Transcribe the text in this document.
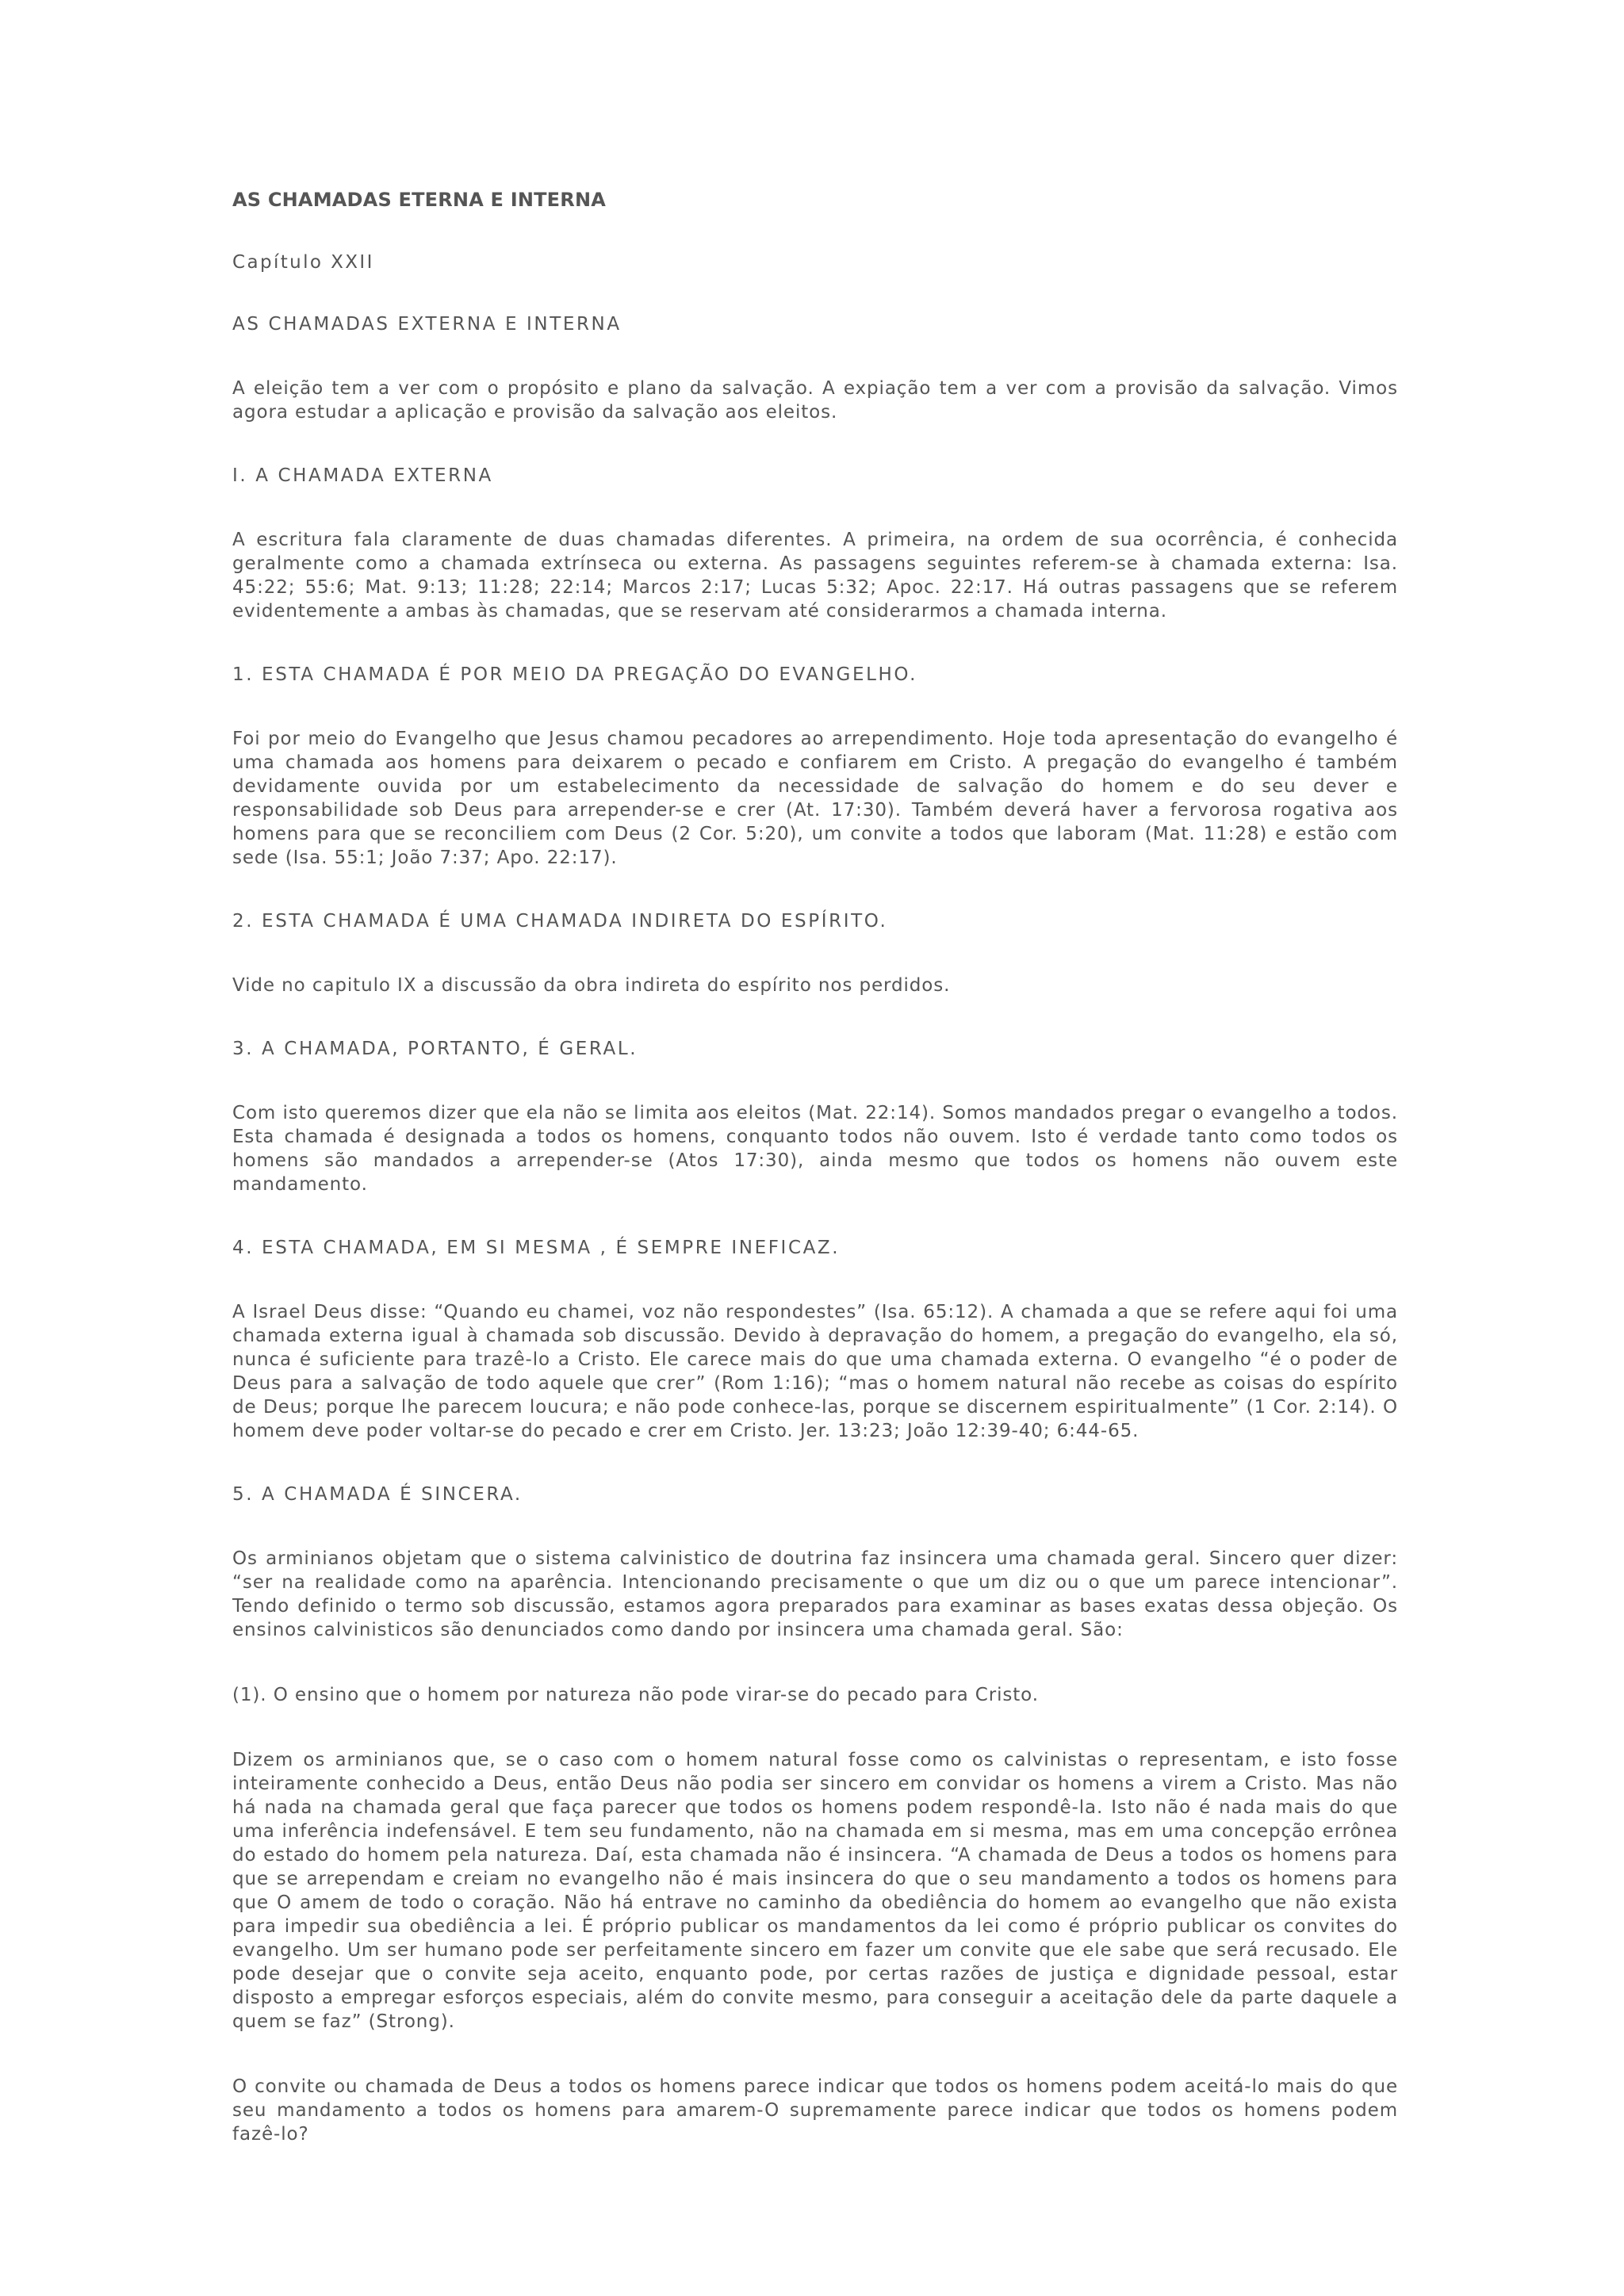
AS CHAMADAS ETERNA E INTERNA
Capítulo XXII
AS CHAMADAS EXTERNA E INTERNA

A eleição tem a ver com o propósito e plano da salvação. A expiação tem a ver com a provisão da salvação. Vimos agora estudar a aplicação e provisão da salvação aos eleitos.

I. A CHAMADA EXTERNA

A escritura fala claramente de duas chamadas diferentes. A primeira, na ordem de sua ocorrência, é conhecida geralmente como a chamada extrínseca ou externa. As passagens seguintes referem-se à chamada externa: Isa. 45:22; 55:6; Mat. 9:13; 11:28; 22:14; Marcos 2:17; Lucas 5:32; Apoc. 22:17. Há outras passagens que se referem evidentemente a ambas às chamadas, que se reservam até considerarmos a chamada interna.

1. ESTA CHAMADA É POR MEIO DA PREGAÇÃO DO EVANGELHO.

Foi por meio do Evangelho que Jesus chamou pecadores ao arrependimento. Hoje toda apresentação do evangelho é uma chamada aos homens para deixarem o pecado e confiarem em Cristo. A pregação do evangelho é também devidamente ouvida por um estabelecimento da necessidade de salvação do homem e do seu dever e responsabilidade sob Deus para arrepender-se e crer (At. 17:30). Também deverá haver a fervorosa rogativa aos homens para que se reconciliem com Deus (2 Cor. 5:20), um convite a todos que laboram (Mat. 11:28) e estão com sede (Isa. 55:1; João 7:37; Apo. 22:17).

2. ESTA CHAMADA É UMA CHAMADA INDIRETA DO ESPÍRITO.

Vide no capitulo IX a discussão da obra indireta do espírito nos perdidos.

3. A CHAMADA, PORTANTO, É GERAL.

Com isto queremos dizer que ela não se limita aos eleitos (Mat. 22:14). Somos mandados pregar o evangelho a todos. Esta chamada é designada a todos os homens, conquanto todos não ouvem. Isto é verdade tanto como todos os homens são mandados a arrepender-se (Atos 17:30), ainda mesmo que todos os homens não ouvem este mandamento.

4. ESTA CHAMADA, EM SI MESMA , É SEMPRE INEFICAZ.

A Israel Deus disse: “Quando eu chamei, voz não respondestes” (Isa. 65:12). A chamada a que se refere aqui foi uma chamada externa igual à chamada sob discussão. Devido à depravação do homem, a pregação do evangelho, ela só, nunca é suficiente para trazê-lo a Cristo. Ele carece mais do que uma chamada externa. O evangelho “é o poder de Deus para a salvação de todo aquele que crer” (Rom 1:16); “mas o homem natural não recebe as coisas do espírito de Deus; porque lhe parecem loucura; e não pode conhece-las, porque se discernem espiritualmente” (1 Cor. 2:14). O homem deve poder voltar-se do pecado e crer em Cristo. Jer. 13:23; João 12:39-40; 6:44-65.

5. A CHAMADA É SINCERA.

Os arminianos objetam que o sistema calvinistico de doutrina faz insincera uma chamada geral. Sincero quer dizer: “ser na realidade como na aparência. Intencionando precisamente o que um diz ou o que um parece intencionar”. Tendo definido o termo sob discussão, estamos agora preparados para examinar as bases exatas dessa objeção. Os ensinos calvinisticos são denunciados como dando por insincera uma chamada geral. São:

(1). O ensino que o homem por natureza não pode virar-se do pecado para Cristo.

Dizem os arminianos que, se o caso com o homem natural fosse como os calvinistas o representam, e isto fosse inteiramente conhecido a Deus, então Deus não podia ser sincero em convidar os homens a virem a Cristo. Mas não há nada na chamada geral que faça parecer que todos os homens podem respondê-la. Isto não é nada mais do que uma inferência indefensável. E tem seu fundamento, não na chamada em si mesma, mas em uma concepção errônea do estado do homem pela natureza. Daí, esta chamada não é insincera. “A chamada de Deus a todos os homens para que se arrependam e creiam no evangelho não é mais insincera do que o seu mandamento a todos os homens para que O amem de todo o coração. Não há entrave no caminho da obediência do homem ao evangelho que não exista para impedir sua obediência a lei. É próprio publicar os mandamentos da lei como é próprio publicar os convites do evangelho. Um ser humano pode ser perfeitamente sincero em fazer um convite que ele sabe que será recusado. Ele pode desejar que o convite seja aceito, enquanto pode, por certas razões de justiça e dignidade pessoal, estar disposto a empregar esforços especiais, além do convite mesmo, para conseguir a aceitação dele da parte daquele a quem se faz” (Strong).

O convite ou chamada de Deus a todos os homens parece indicar que todos os homens podem aceitá-lo mais do que seu mandamento a todos os homens para amarem-O supremamente parece indicar que todos os homens podem fazê-lo?
